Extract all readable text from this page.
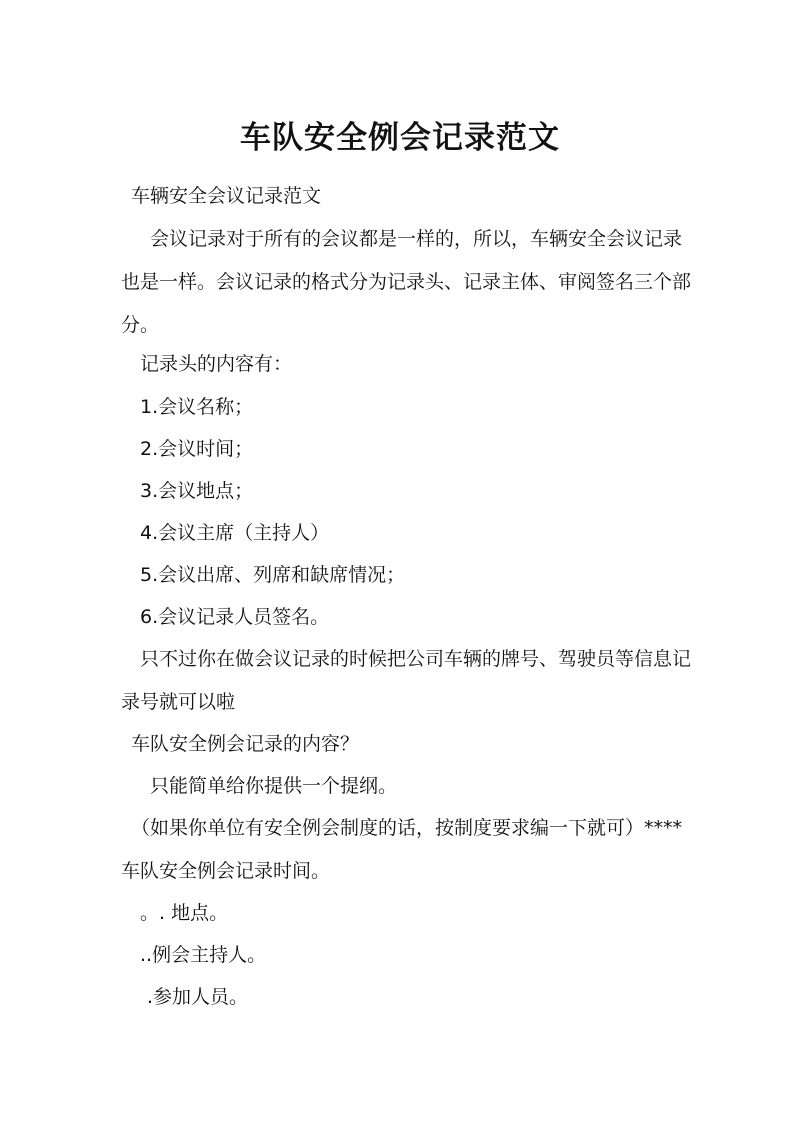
车队安全例会记录范文
车辆安全会议记录范文
会议记录对于所有的会议都是一样的，所以，车辆安全会议记录
也是一样。会议记录的格式分为记录头、记录主体、审阅签名三个部
分。
记录头的内容有：
1.会议名称；
2.会议时间；
3.会议地点；
4.会议主席（主持人）
5.会议出席、列席和缺席情况；
6.会议记录人员签名。
只不过你在做会议记录的时候把公司车辆的牌号、驾驶员等信息记
录号就可以啦
车队安全例会记录的内容？
只能简单给你提供一个提纲。
（如果你单位有安全例会制度的话，按制度要求编一下就可）****
车队安全例会记录时间。
。. 地点。
..例会主持人。
.参加人员。
